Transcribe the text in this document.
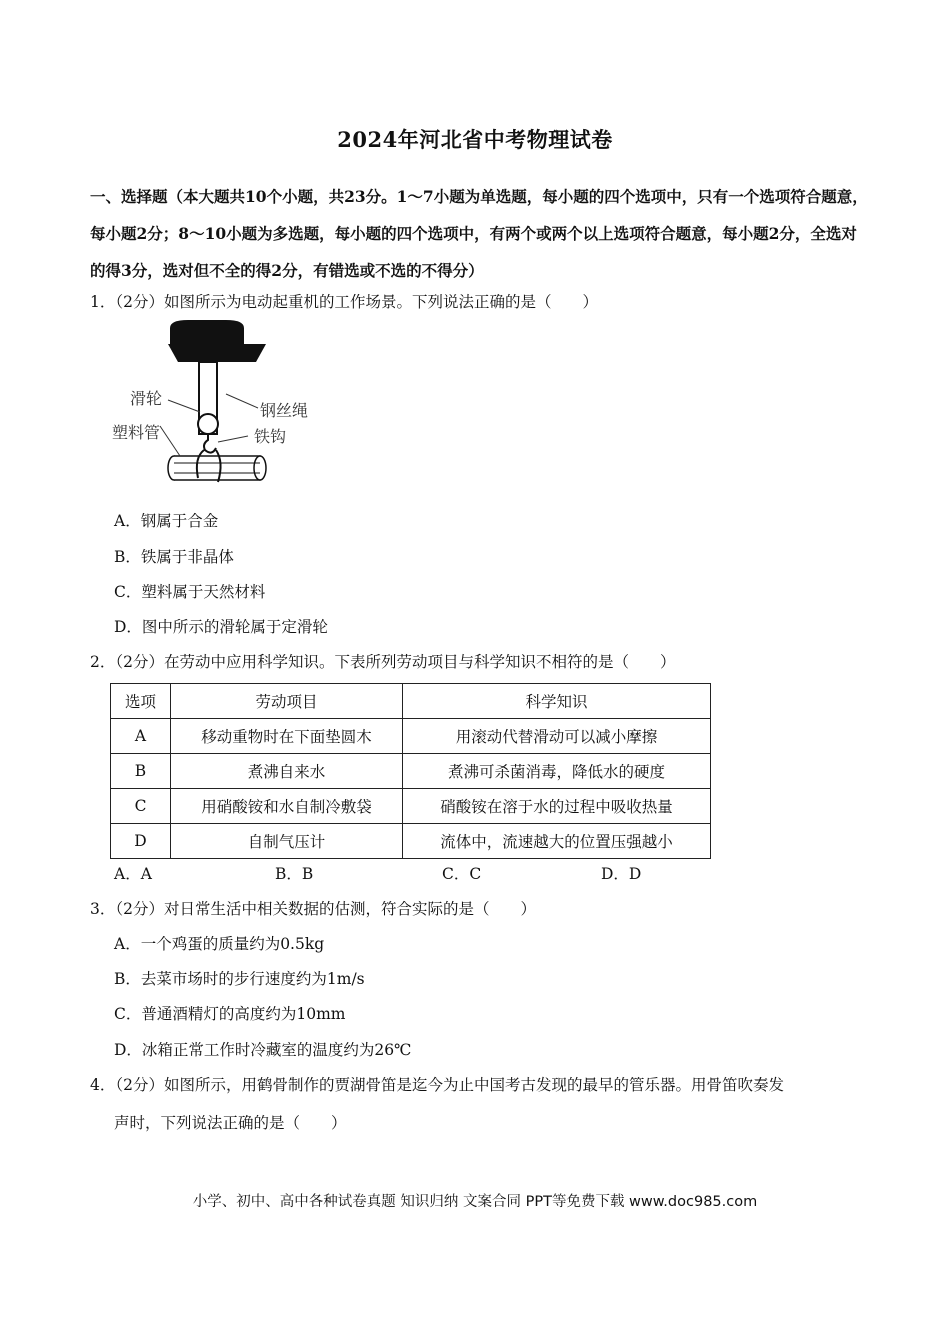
2024年河北省中考物理试卷
一、选择题（本大题共10个小题，共23分。1～7小题为单选题，每小题的四个选项中，只有一个选项符合题意，每小题2分；8～10小题为多选题，每小题的四个选项中，有两个或两个以上选项符合题意，每小题2分，全选对的得3分，选对但不全的得2分，有错选或不选的不得分）
1．（2分）如图所示为电动起重机的工作场景。下列说法正确的是（　　）
滑轮
钢丝绳
塑料管	铁钩
A．钢属于合金
B．铁属于非晶体
C．塑料属于天然材料
D．图中所示的滑轮属于定滑轮
2．（2分）在劳动中应用科学知识。下表所列劳动项目与科学知识不相符的是（　　）
选项	劳动项目	科学知识
A	移动重物时在下面垫圆木	用滚动代替滑动可以减小摩擦
B	煮沸自来水	煮沸可杀菌消毒，降低水的硬度
C	用硝酸铵和水自制冷敷袋	硝酸铵在溶于水的过程中吸收热量
D	自制气压计	流体中，流速越大的位置压强越小
A．A	B．B	C．C	D．D
3．（2分）对日常生活中相关数据的估测，符合实际的是（　　）
A．一个鸡蛋的质量约为0.5kg
B．去菜市场时的步行速度约为1m/s
C．普通酒精灯的高度约为10mm
D．冰箱正常工作时冷藏室的温度约为26℃
4．（2分）如图所示，用鹤骨制作的贾湖骨笛是迄今为止中国考古发现的最早的管乐器。用骨笛吹奏发
声时，下列说法正确的是（　　）
小学、初中、高中各种试卷真题 知识归纳 文案合同 PPT等免费下载 www.doc985.com
